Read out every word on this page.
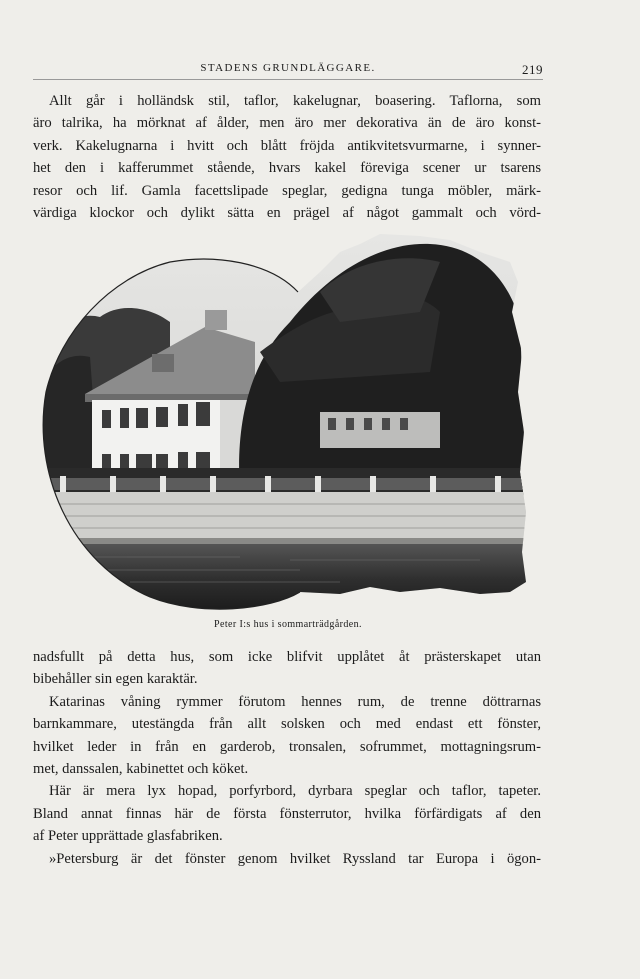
STADENS GRUNDLÄGGARE.	219
Allt går i holländsk stil, taflor, kakelugnar, boasering. Taflorna, som
äro talrika, ha mörknat af ålder, men äro mer dekorativa än de äro konst-
verk. Kakelugnarna i hvitt och blått fröjda antikvitetsvurmarne, i synner-
het den i kafferummet stående, hvars kakel föreviga scener ur tsarens
resor och lif. Gamla facettslipade speglar, gedigna tunga möbler, märk-
värdiga klockor och dylikt sätta en prägel af något gammalt och vörd-
Peter I:s hus i sommarträdgården.
nadsfullt på detta hus, som icke blifvit upplåtet åt prästerskapet utan
bibehåller sin egen karaktär.
Katarinas våning rymmer förutom hennes rum, de trenne döttrarnas
barnkammare, utestängda från allt solsken och med endast ett fönster,
hvilket leder in från en garderob, tronsalen, sofrummet, mottagningsrum-
met, danssalen, kabinettet och köket.
Här är mera lyx hopad, porfyrbord, dyrbara speglar och taflor, tapeter.
Bland annat finnas här de första fönsterrutor, hvilka förfärdigats af den
af Peter upprättade glasfabriken.
»Petersburg är det fönster genom hvilket Ryssland tar Europa i ögon-
